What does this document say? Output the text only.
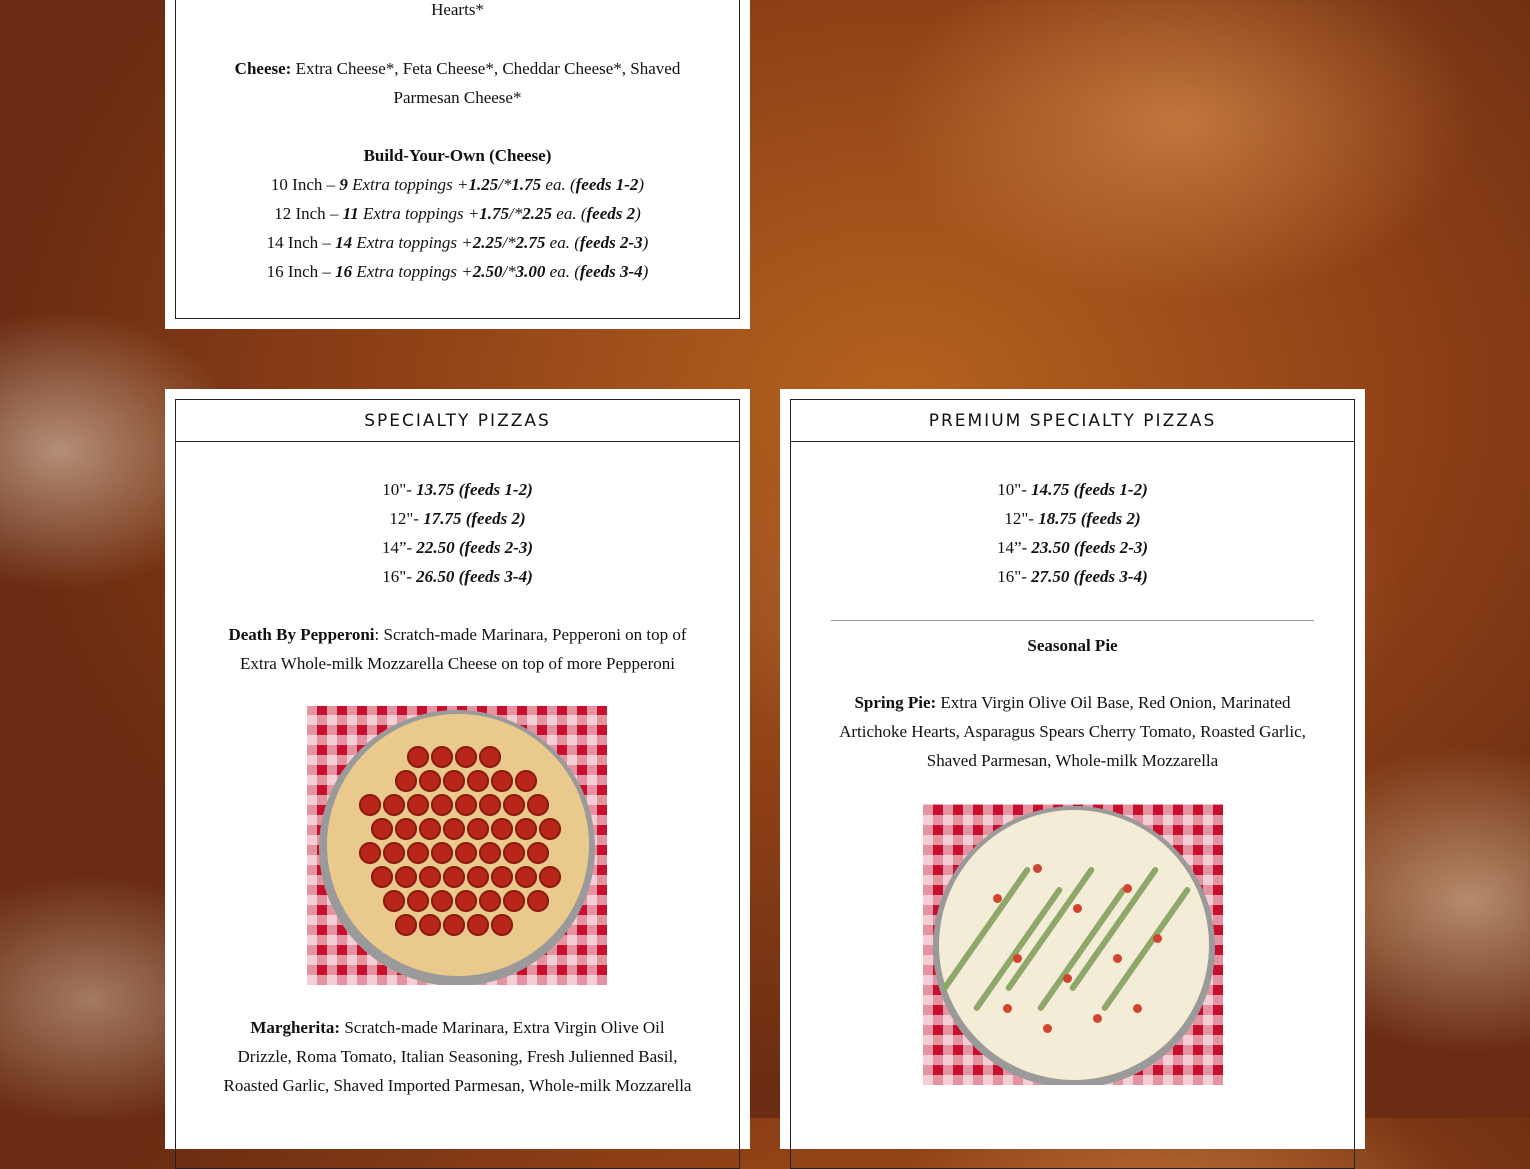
Hearts*
Cheese: Extra Cheese*, Feta Cheese*, Cheddar Cheese*, Shaved
Parmesan Cheese*
Build-Your-Own (Cheese)
10 Inch – 9 Extra toppings +1.25/*1.75 ea. (feeds 1-2)
12 Inch – 11 Extra toppings +1.75/*2.25 ea. (feeds 2)
14 Inch – 14 Extra toppings +2.25/*2.75 ea. (feeds 2-3)
16 Inch – 16 Extra toppings +2.50/*3.00 ea. (feeds 3-4)
SPECIALTY PIZZAS
10"- 13.75 (feeds 1-2)
12"- 17.75 (feeds 2)
14”- 22.50 (feeds 2-3)
16"- 26.50 (feeds 3-4)
Death By Pepperoni: Scratch-made Marinara, Pepperoni on top of
Extra Whole-milk Mozzarella Cheese on top of more Pepperoni
Margherita: Scratch-made Marinara, Extra Virgin Olive Oil
Drizzle, Roma Tomato, Italian Seasoning, Fresh Julienned Basil,
Roasted Garlic, Shaved Imported Parmesan, Whole-milk Mozzarella
PREMIUM SPECIALTY PIZZAS
10"- 14.75 (feeds 1-2)
12"- 18.75 (feeds 2)
14”- 23.50 (feeds 2-3)
16"- 27.50 (feeds 3-4)
Seasonal Pie
Spring Pie: Extra Virgin Olive Oil Base, Red Onion, Marinated
Artichoke Hearts, Asparagus Spears Cherry Tomato, Roasted Garlic,
Shaved Parmesan, Whole-milk Mozzarella
